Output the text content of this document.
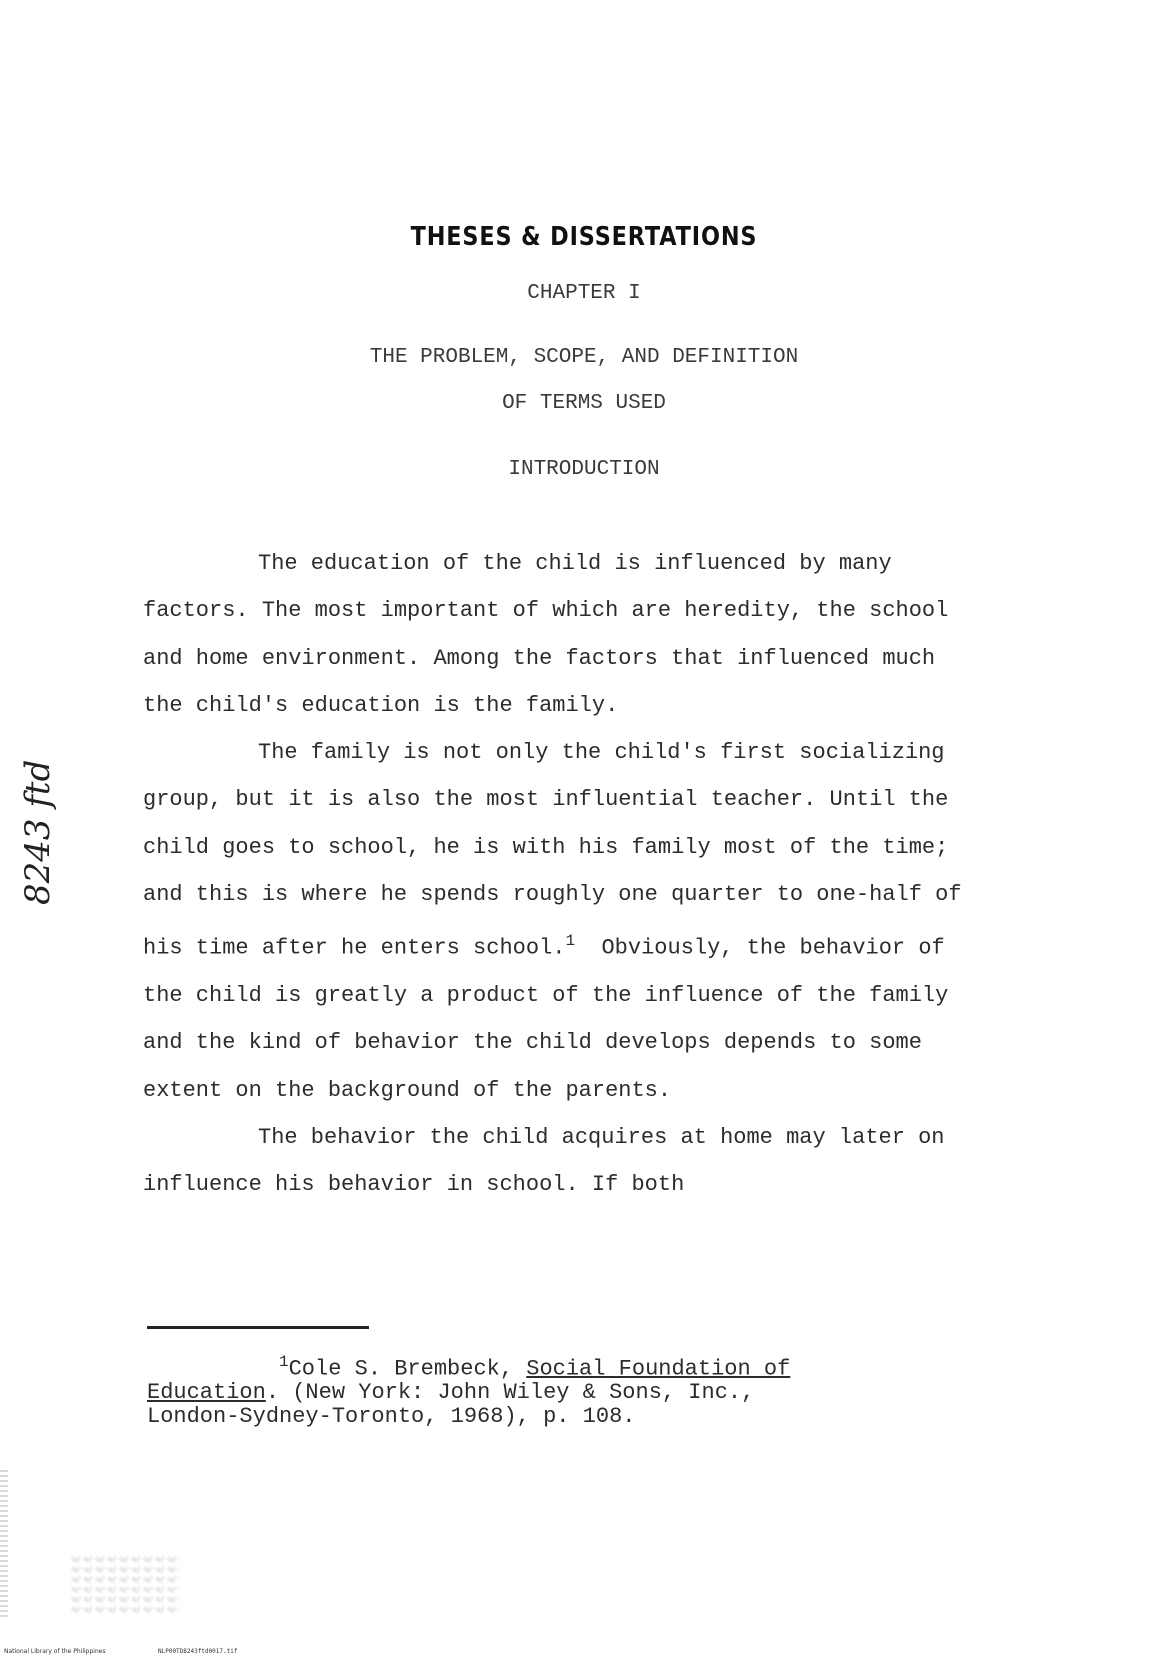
THESES & DISSERTATIONS
CHAPTER I
THE PROBLEM, SCOPE, AND DEFINITION
OF TERMS USED
INTRODUCTION

The education of the child is influenced by many factors. The most important of which are heredity, the school and home environment. Among the factors that influenced much the child's education is the family.

The family is not only the child's first socializing group, but it is also the most influential teacher. Until the child goes to school, he is with his family most of the time; and this is where he spends roughly one quarter to one-half of his time after he enters school.$^1$ Obviously, the behavior of the child is greatly a product of the influence of the family and the kind of behavior the child develops depends to some extent on the background of the parents.

The behavior the child acquires at home may later on influence his behavior in school. If both

$^1$Cole S. Brembeck, Social Foundation of
Education. (New York: John Wiley & Sons, Inc.,
London-Sydney-Toronto, 1968), p. 108.
8243 ftd
National Library of the Philippines	NLP00TD8243ftd0017.tif
